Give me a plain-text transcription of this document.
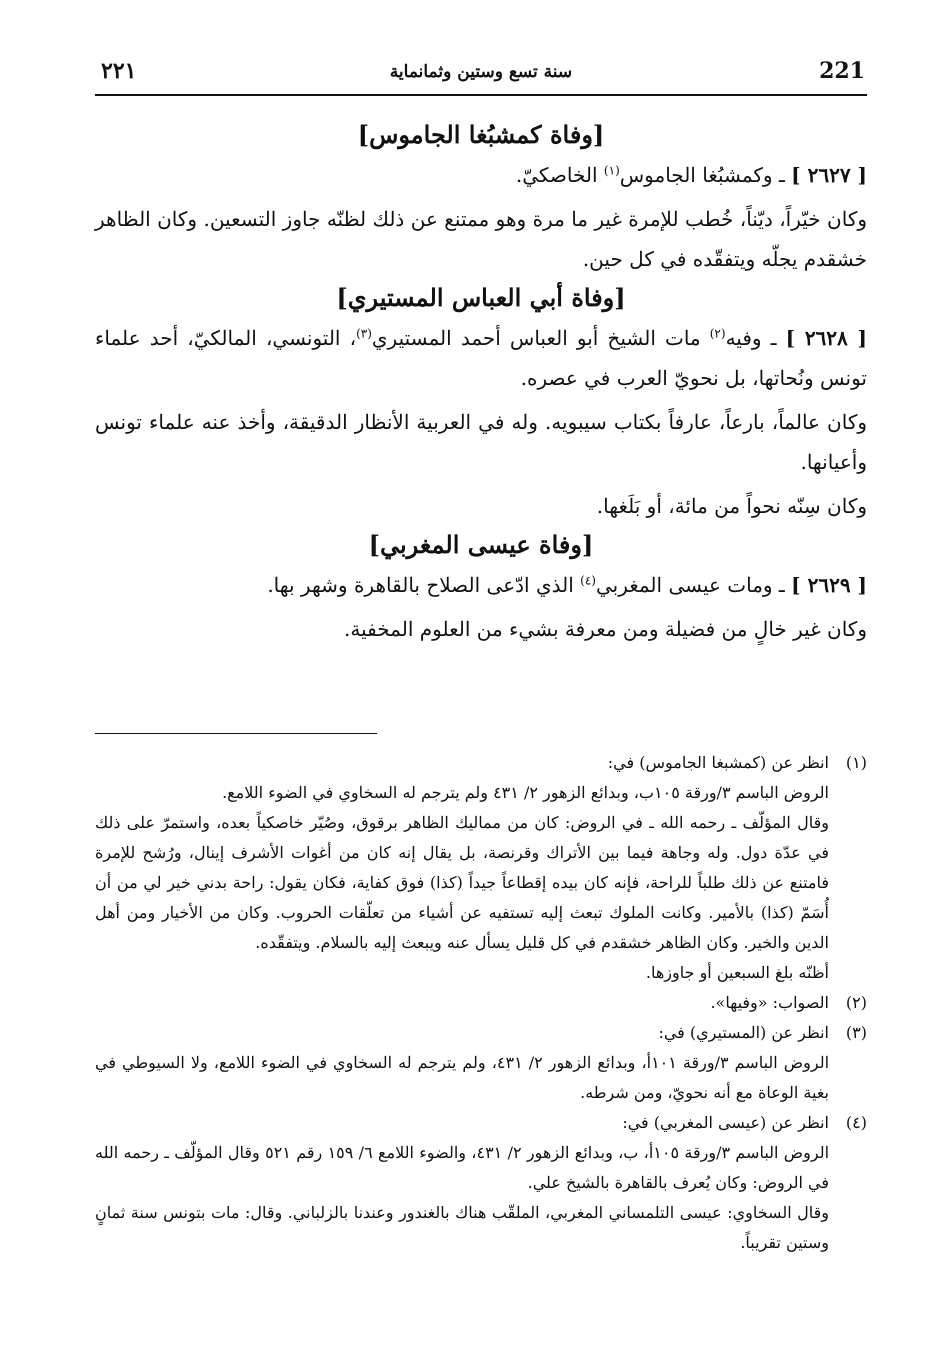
٢٢١	سنة تسع وستين وثمانماية	221
[وفاة كمشبُغا الجاموس]

[ ٢٦٢٧ ] ـ وكمشبُغا الجاموس$^{(١)}$ الخاصكيّ.

وكان خيّراً، ديّناً، خُطب للإمرة غير ما مرة وهو ممتنع عن ذلك لظنّه جاوز التسعين. وكان الظاهر خشقدم يجلّه ويتفقّده في كل حين.

[وفاة أبي العباس المستيري]

[ ٢٦٢٨ ] ـ وفيه$^{(٢)}$ مات الشيخ أبو العباس أحمد المستيري$^{(٣)}$، التونسي، المالكيّ، أحد علماء تونس ونُحاتها، بل نحويّ العرب في عصره.

وكان عالماً، بارعاً، عارفاً بكتاب سيبويه. وله في العربية الأنظار الدقيقة، وأخذ عنه علماء تونس وأعيانها.

وكان سِنّه نحواً من مائة، أو بَلَغها.

[وفاة عيسى المغربي]

[ ٢٦٢٩ ] ـ ومات عيسى المغربي$^{(٤)}$ الذي ادّعى الصلاح بالقاهرة وشهر بها.

وكان غير خالٍ من فضيلة ومن معرفة بشيء من العلوم المخفية.

(١)

انظر عن (كمشبغا الجاموس) في:

الروض الباسم ٣/ورقة ١٠٥ب، وبدائع الزهور ٢/ ٤٣١ ولم يترجم له السخاوي في الضوء اللامع.

وقال المؤلّف ـ رحمه الله ـ في الروض: كان من مماليك الظاهر برقوق، وصُيّر خاصكياً بعده، واستمرّ على ذلك في عدّة دول. وله وجاهة فيما بين الأتراك وقرنصة، بل يقال إنه كان من أغوات الأشرف إينال، ورُشح للإمرة فامتنع عن ذلك طلباً للراحة، فإنه كان بيده إقطاعاً جيداً (كذا) فوق كفاية، فكان يقول: راحة بدني خير لي من أن أُسَمّ (كذا) بالأمير. وكانت الملوك تبعث إليه تستفيه عن أشياء من تعلّقات الحروب. وكان من الأخيار ومن أهل الدين والخير. وكان الظاهر خشقدم في كل قليل يسأل عنه ويبعث إليه بالسلام. ويتفقّده.

أظنّه بلغ السبعين أو جاوزها.

(٢)

الصواب: «وفيها».

(٣)

انظر عن (المستيري) في:

الروض الباسم ٣/ورقة ١٠١أ، وبدائع الزهور ٢/ ٤٣١، ولم يترجم له السخاوي في الضوء اللامع، ولا السيوطي في بغية الوعاة مع أنه نحويّ، ومن شرطه.

(٤)

انظر عن (عيسى المغربي) في:

الروض الباسم ٣/ورقة ١٠٥أ، ب، وبدائع الزهور ٢/ ٤٣١، والضوء اللامع ٦/ ١٥٩ رقم ٥٢١ وقال المؤلّف ـ رحمه الله في الروض: وكان يُعرف بالقاهرة بالشيخ علي.

وقال السخاوي: عيسى التلمساني المغربي، الملقّب هناك بالغندور وعندنا بالزلباني. وقال: مات بتونس سنة ثمانٍ وستين تقريباً.
